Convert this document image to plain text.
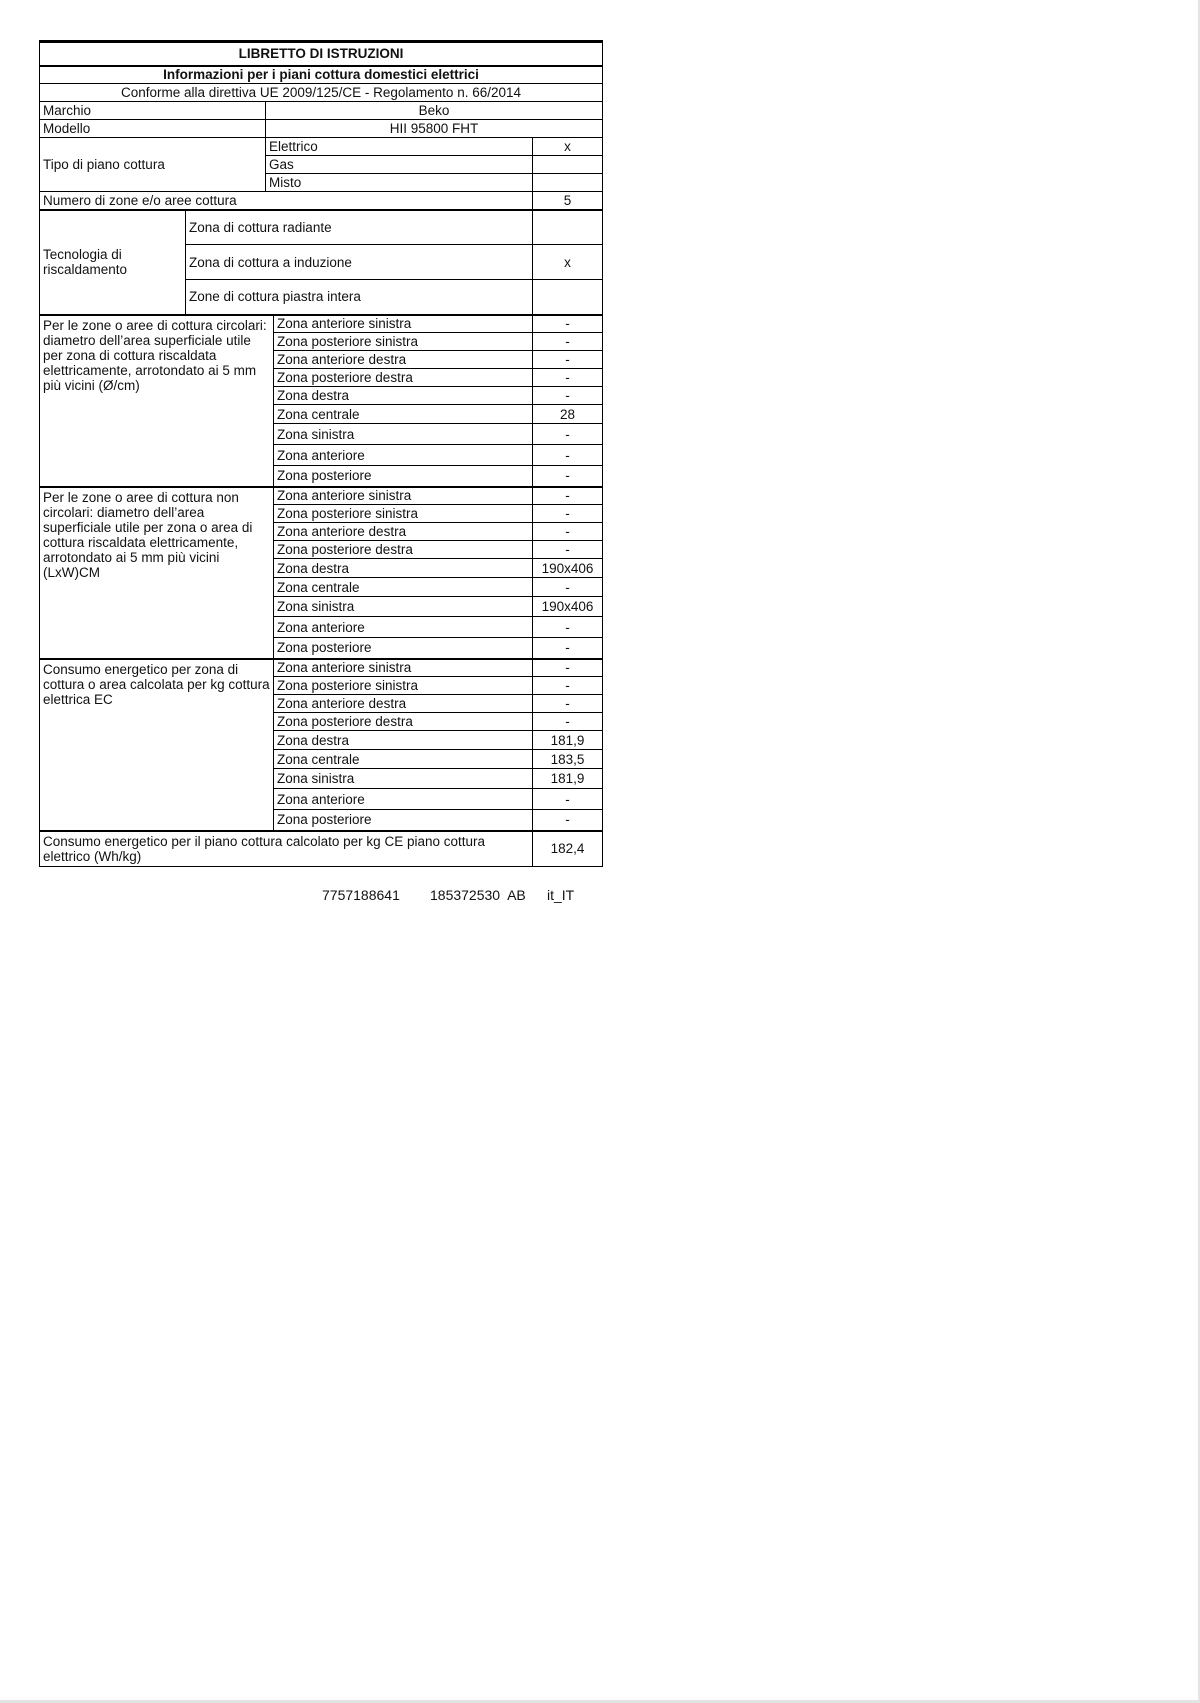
LIBRETTO DI ISTRUZIONI				
Informazioni per i piani cottura domestici elettrici				
Conforme alla direttiva UE 2009/125/CE - Regolamento n. 66/2014				
Marchio		Beko		
Modello		HII 95800 FHT		
Tipo di piano cottura		Elettrico		x
		Gas		
		Misto		
Numero di zone e/o aree cottura				5
Tecnologia di riscaldamento	Zona di cottura radiante			
	Zona di cottura a induzione			x
	Zone di cottura piastra intera			
Per le zone o aree di cottura circolari: diametro dell’area superficiale utile per zona di cottura riscaldata elettricamente, arrotondato ai 5 mm più vicini (Ø/cm)			Zona anteriore sinistra	-
			Zona posteriore sinistra	-
			Zona anteriore destra	-
			Zona posteriore destra	-
			Zona destra	-
			Zona centrale	28
			Zona sinistra	-
			Zona anteriore	-
			Zona posteriore	-
Per le zone o aree di cottura non circolari: diametro dell’area superficiale utile per zona o area di cottura riscaldata elettricamente, arrotondato ai 5 mm più vicini (LxW)CM			Zona anteriore sinistra	-
			Zona posteriore sinistra	-
			Zona anteriore destra	-
			Zona posteriore destra	-
			Zona destra	190x406
			Zona centrale	-
			Zona sinistra	190x406
			Zona anteriore	-
			Zona posteriore	-
Consumo energetico per zona di cottura o area calcolata per kg cottura elettrica EC			Zona anteriore sinistra	-
			Zona posteriore sinistra	-
			Zona anteriore destra	-
			Zona posteriore destra	-
			Zona destra	181,9
			Zona centrale	183,5
			Zona sinistra	181,9
			Zona anteriore	-
			Zona posteriore	-
Consumo energetico per il piano cottura calcolato per kg CE piano cottura elettrico (Wh/kg)				182,4
7757188641 185372530  AB it_IT
